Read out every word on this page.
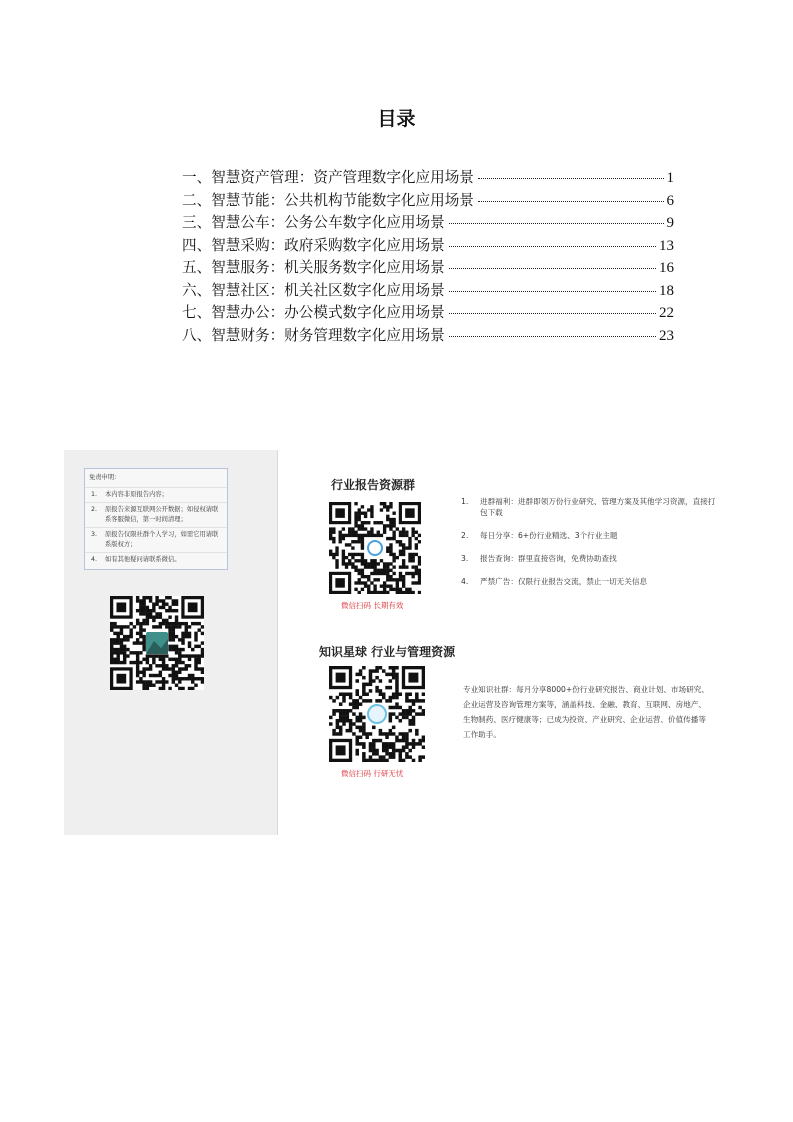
目录
一、智慧资产管理：资产管理数字化应用场景	1
二、智慧节能：公共机构节能数字化应用场景	6
三、智慧公车：公务公车数字化应用场景	9
四、智慧采购：政府采购数字化应用场景	13
五、智慧服务：机关服务数字化应用场景	16
六、智慧社区：机关社区数字化应用场景	18
七、智慧办公：办公模式数字化应用场景	22
八、智慧财务：财务管理数字化应用场景	23
免责申明：
1.	本内容非原报告内容；
2.	原报告来源互联网公开数据；如侵权请联系客服微信，第一时间清理；
3.	原报告仅限社群个人学习，如需它用请联系版权方；
4.	如有其他疑问请联系微信。
行业报告资源群
微信扫码 长期有效
1.	进群福利：进群即领万份行业研究、管理方案及其他学习资源，直接打包下载
2.	每日分享：6+份行业精选、3个行业主题
3.	报告查询：群里直接咨询，免费协助查找
4.	严禁广告：仅限行业报告交流，禁止一切无关信息
知识星球 行业与管理资源
微信扫码 行研无忧
专业知识社群：每月分享8000+份行业研究报告、商业计划、市场研究、企业运营及咨询管理方案等，涵盖科技、金融、教育、互联网、房地产、生物制药、医疗健康等；已成为投资、产业研究、企业运营、价值传播等工作助手。
